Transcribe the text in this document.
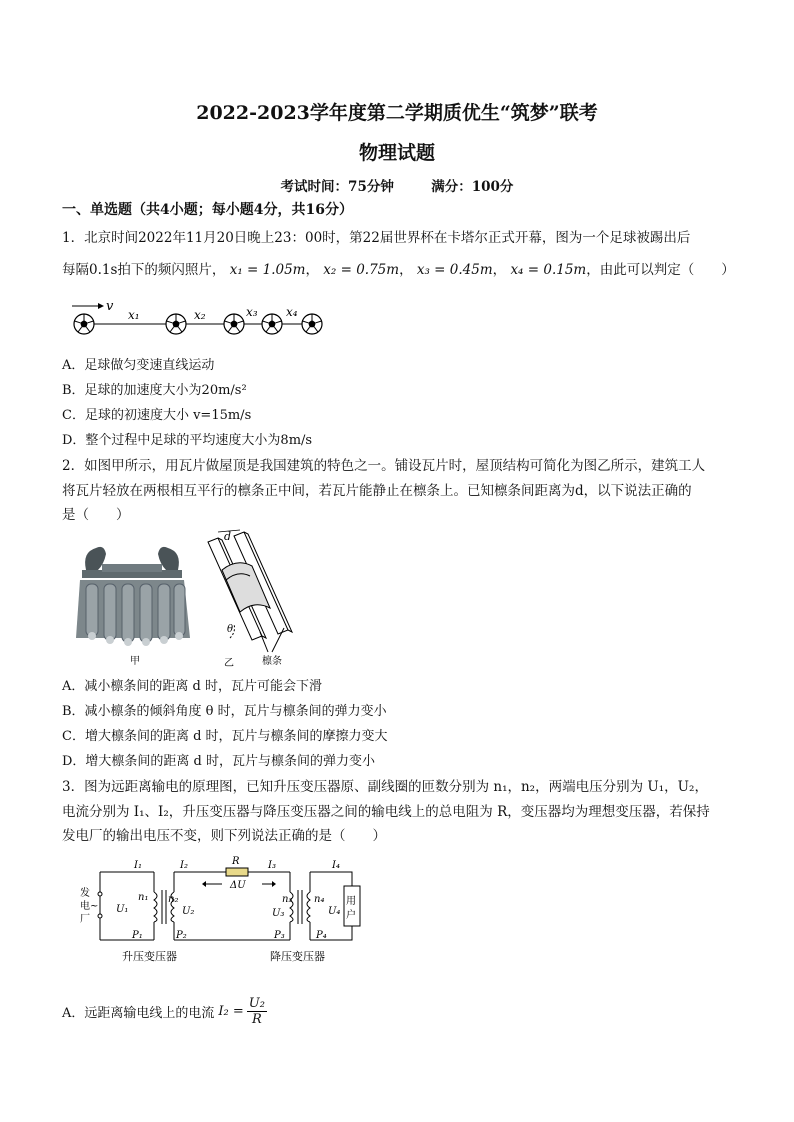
2022-2023学年度第二学期质优生“筑梦”联考
物理试题
考试时间：75分钟	满分：100分
一、单选题（共4小题；每小题4分，共16分）
1．北京时间2022年11月20日晚上23：00时，第22届世界杯在卡塔尔正式开幕，图为一个足球被踢出后
每隔0.1s拍下的频闪照片， x₁ = 1.05m， x₂ = 0.75m， x₃ = 0.45m， x₄ = 0.15m，由此可以判定（　　）
v
x₁	x₂	x₃ x₄
A．足球做匀变速直线运动
B．足球的加速度大小为20m/s²
C．足球的初速度大小 v=15m/s
D．整个过程中足球的平均速度大小为8m/s
2．如图甲所示，用瓦片做屋顶是我国建筑的特色之一。铺设瓦片时，屋顶结构可简化为图乙所示，建筑工人
将瓦片轻放在两根相互平行的檩条正中间，若瓦片能静止在檩条上。已知檩条间距离为d，以下说法正确的
是（　　）
甲
d
θ
乙	檩条
A．减小檩条间的距离 d 时，瓦片可能会下滑
B．减小檩条的倾斜角度 θ 时，瓦片与檩条间的弹力变小
C．增大檩条间的距离 d 时，瓦片与檩条间的摩擦力变大
D．增大檩条间的距离 d 时，瓦片与檩条间的弹力变小
3．图为远距离输电的原理图，已知升压变压器原、副线圈的匝数分别为 n₁，n₂，两端电压分别为 U₁，U₂，
电流分别为 I₁、I₂，升压变压器与降压变压器之间的输电线上的总电阻为 R，变压器均为理想变压器，若保持
发电厂的输出电压不变，则下列说法正确的是（　　）
发
电~
厂
I₁	I₂	R
ΔU
I₃	I₄
n₁
U₁
n₂
U₂	U₃
n₃ n₄
U₄
P₁	P₂	P₃	P₄
用
户
升压变压器	降压变压器
A．远距离输电线上的电流 $I_2 = \frac{\text{U₂}}{R}$
